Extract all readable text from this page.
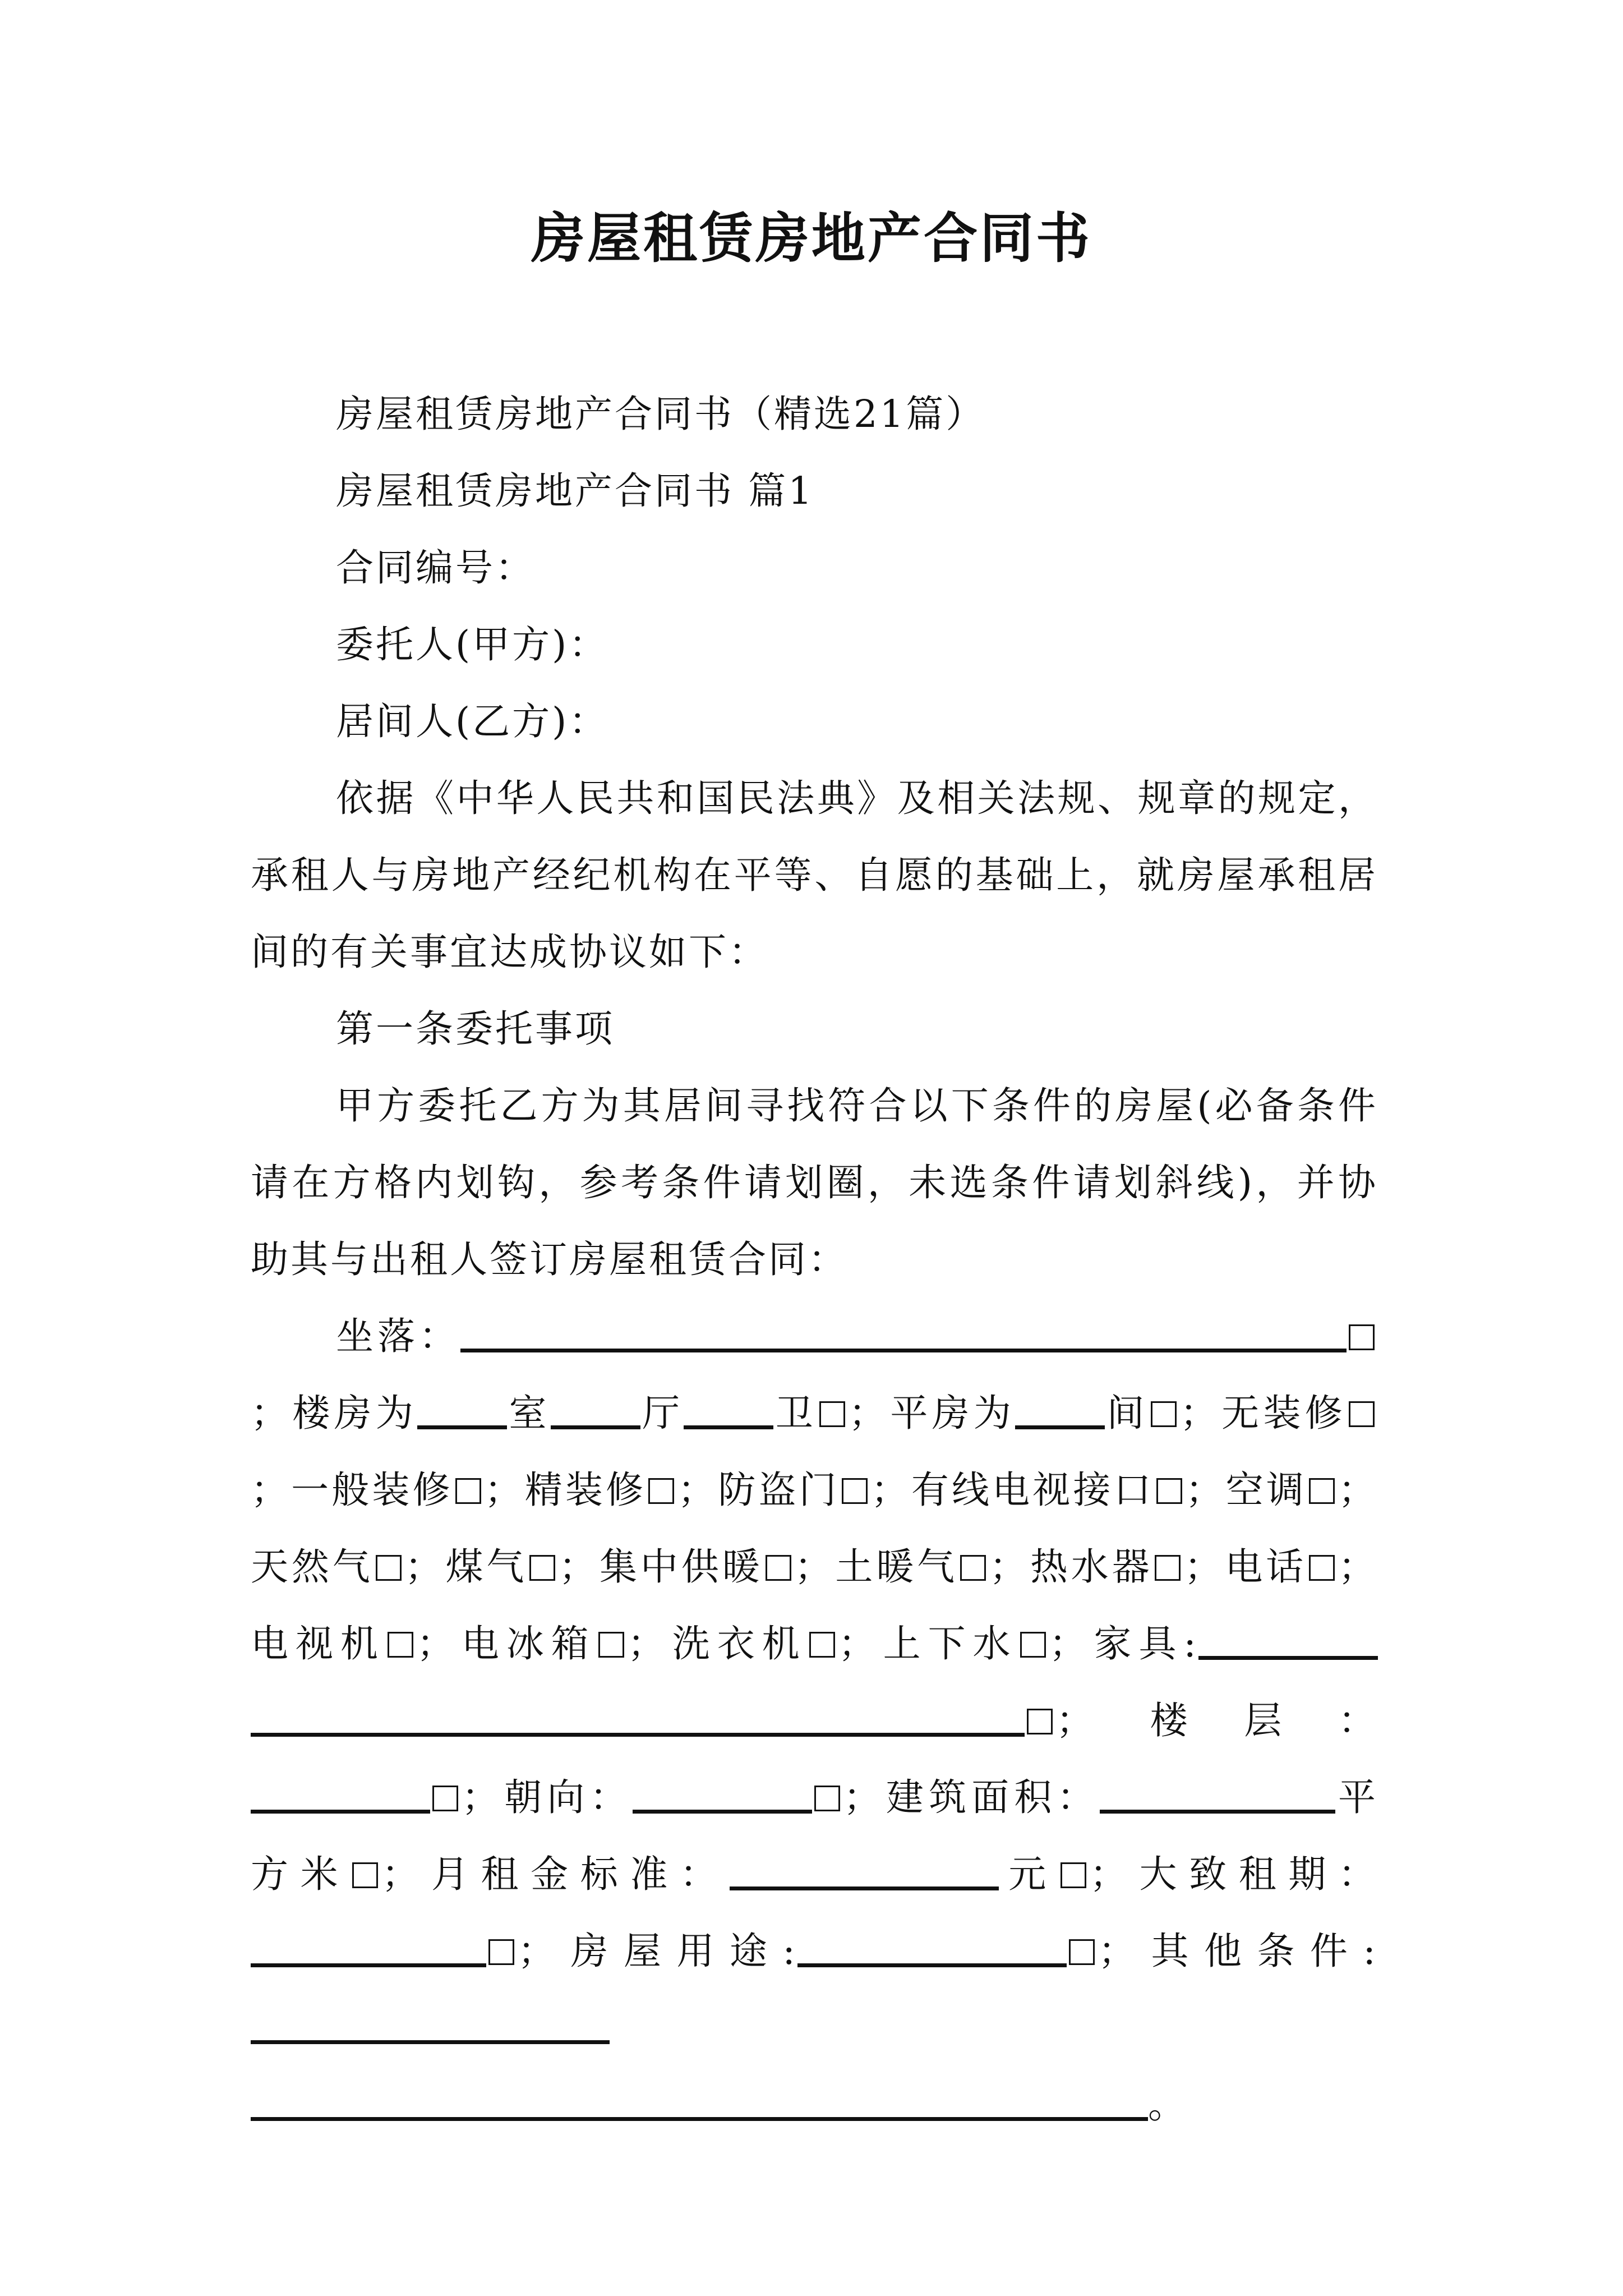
房屋租赁房地产合同书

房屋租赁房地产合同书（精选21篇）

房屋租赁房地产合同书 篇1

合同编号：

委托人(甲方)：

居间人(乙方)：

依据《中华人民共和国民法典》及相关法规、规章的规定，承租人与房地产经纪机构在平等、自愿的基础上，就房屋承租居间的有关事宜达成协议如下：

第一条委托事项

甲方委托乙方为其居间寻找符合以下条件的房屋(必备条件请在方格内划钩，参考条件请划圈，未选条件请划斜线)，并协助其与出租人签订房屋租赁合同：

坐落：；楼房为 室 厅 卫 ；平房为 间 ；无装修；一般装修 ；精装修 ；防盗门 ；有线电视接口 ；空调 ；天然气 ；煤气 ；集中供暖 ；土暖气 ；热水器 ；电话 ；电视机 ；电冰箱 ；洗衣机 ；上下水 ；家具:；楼层：；朝向：	；建筑面积：	平方米 ；月租金标准：	元 ；大致租期：；房屋用途:	；其他条件:。
